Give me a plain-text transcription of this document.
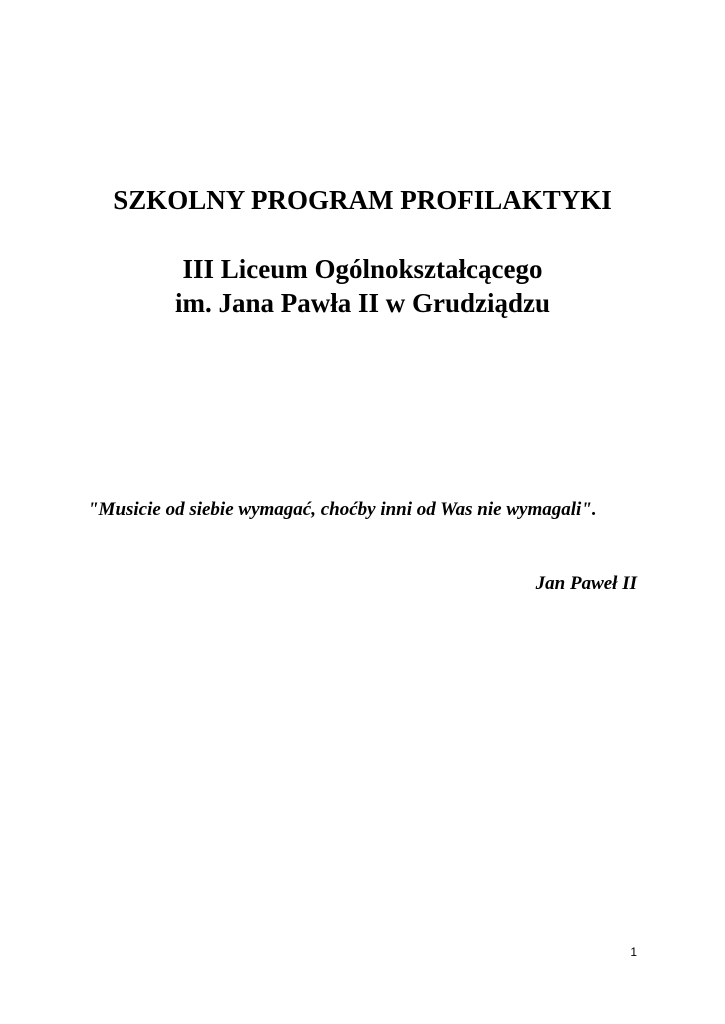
SZKOLNY PROGRAM PROFILAKTYKI
III Liceum Ogólnokształcącego
im. Jana Pawła II w Grudziądzu

"Musicie od siebie wymagać, choćby inni od Was nie wymagali".

Jan Paweł II

1
